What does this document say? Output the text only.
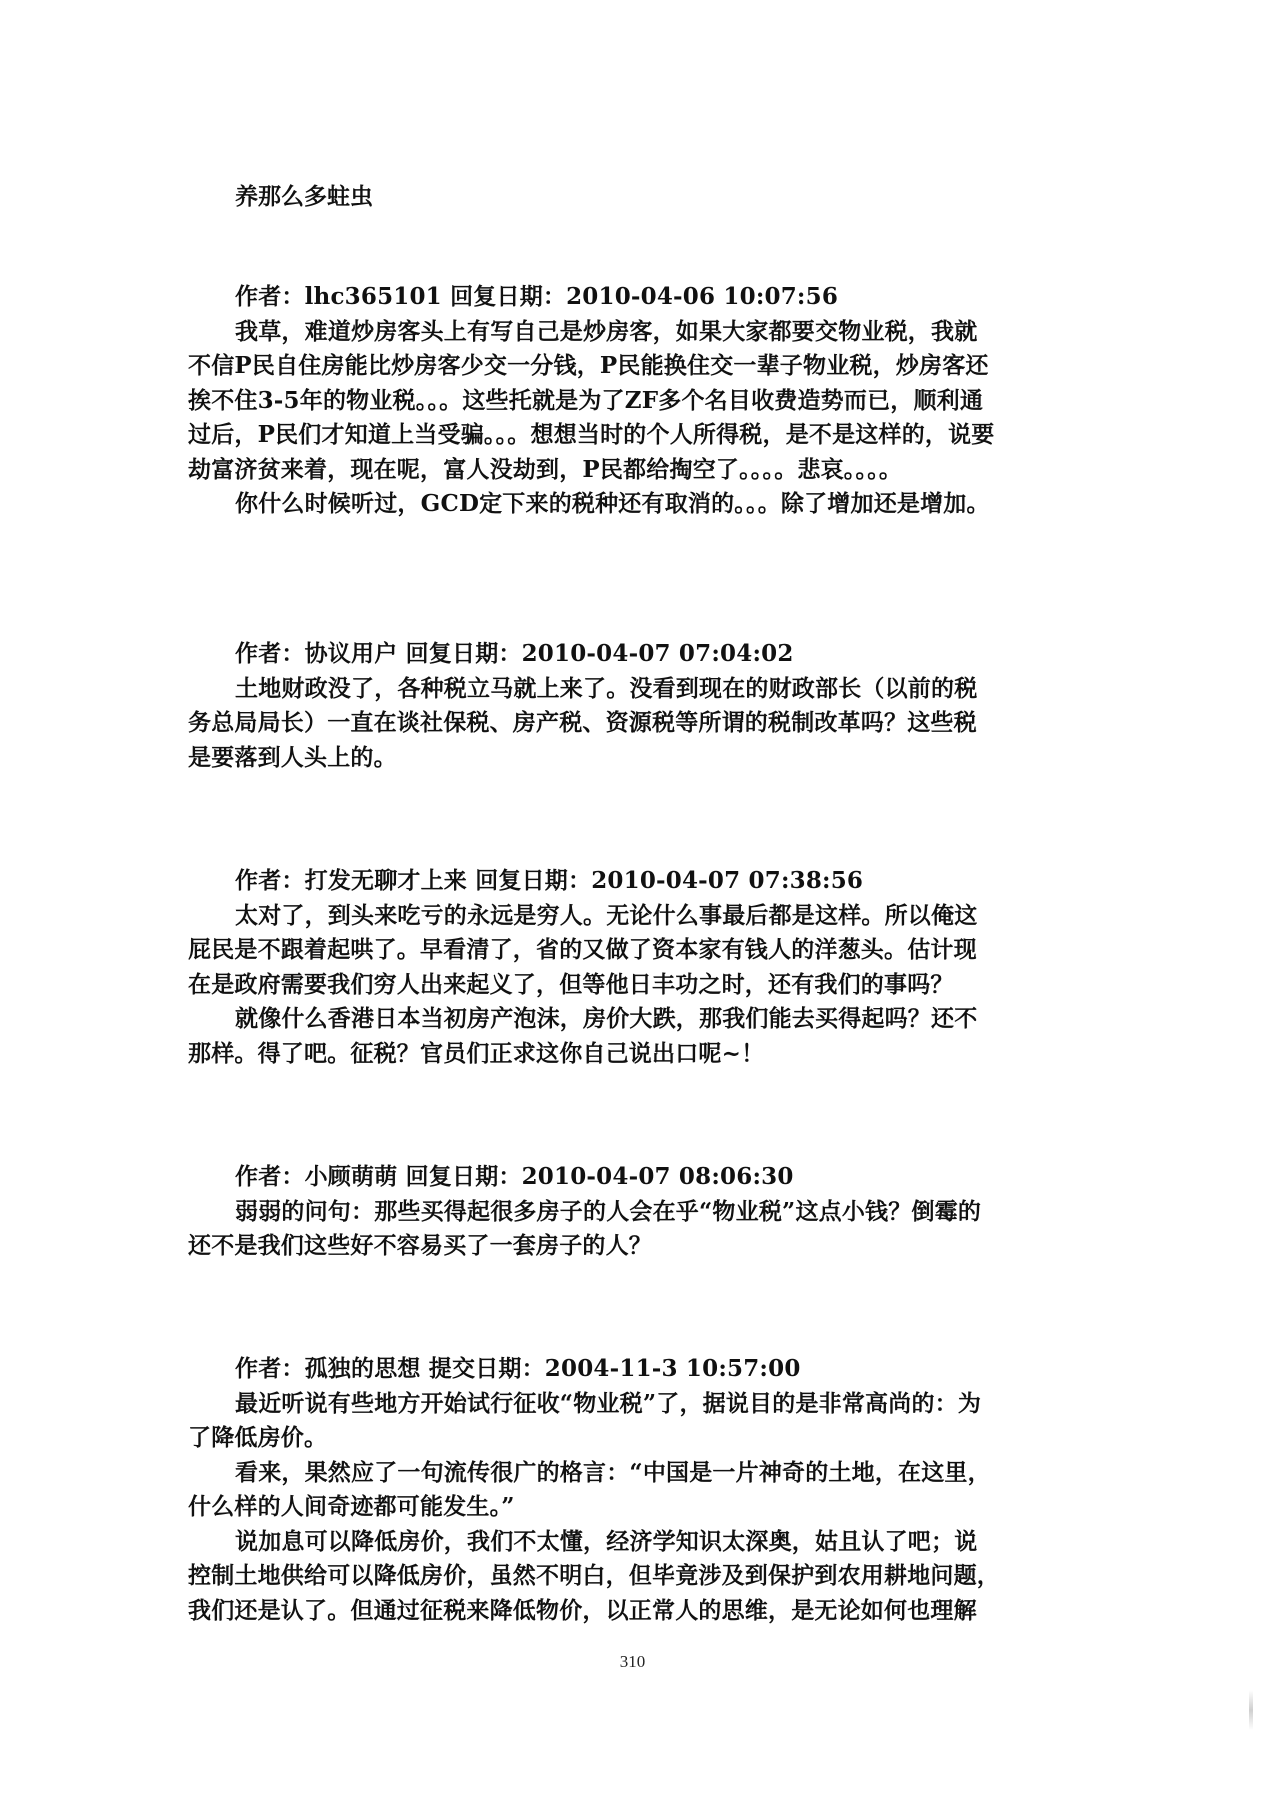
养那么多蛀虫
作者：lhc365101 回复日期：2010-04-06 10:07:56
我草，难道炒房客头上有写自己是炒房客，如果大家都要交物业税，我就
不信P民自住房能比炒房客少交一分钱，P民能换住交一辈子物业税，炒房客还
挨不住3-5年的物业税。。。这些托就是为了ZF多个名目收费造势而已，顺利通
过后，P民们才知道上当受骗。。。想想当时的个人所得税，是不是这样的，说要
劫富济贫来着，现在呢，富人没劫到，P民都给掏空了。。。。悲哀。。。。
你什么时候听过，GCD定下来的税种还有取消的。。。除了增加还是增加。
作者：协议用户 回复日期：2010-04-07 07:04:02
土地财政没了，各种税立马就上来了。没看到现在的财政部长（以前的税
务总局局长）一直在谈社保税、房产税、资源税等所谓的税制改革吗？这些税
是要落到人头上的。
作者：打发无聊才上来 回复日期：2010-04-07 07:38:56
太对了，到头来吃亏的永远是穷人。无论什么事最后都是这样。所以俺这
屁民是不跟着起哄了。早看清了，省的又做了资本家有钱人的洋葱头。估计现
在是政府需要我们穷人出来起义了，但等他日丰功之时，还有我们的事吗？
就像什么香港日本当初房产泡沫，房价大跌，那我们能去买得起吗？还不
那样。得了吧。征税？官员们正求这你自己说出口呢~！
作者：小顾萌萌 回复日期：2010-04-07 08:06:30
弱弱的问句：那些买得起很多房子的人会在乎“物业税”这点小钱？倒霉的
还不是我们这些好不容易买了一套房子的人？
作者：孤独的思想 提交日期：2004-11-3 10:57:00
最近听说有些地方开始试行征收“物业税”了，据说目的是非常高尚的：为
了降低房价。
看来，果然应了一句流传很广的格言：“中国是一片神奇的土地，在这里，
什么样的人间奇迹都可能发生。”
说加息可以降低房价，我们不太懂，经济学知识太深奥，姑且认了吧；说
控制土地供给可以降低房价，虽然不明白，但毕竟涉及到保护到农用耕地问题，
我们还是认了。但通过征税来降低物价，以正常人的思维，是无论如何也理解
310
